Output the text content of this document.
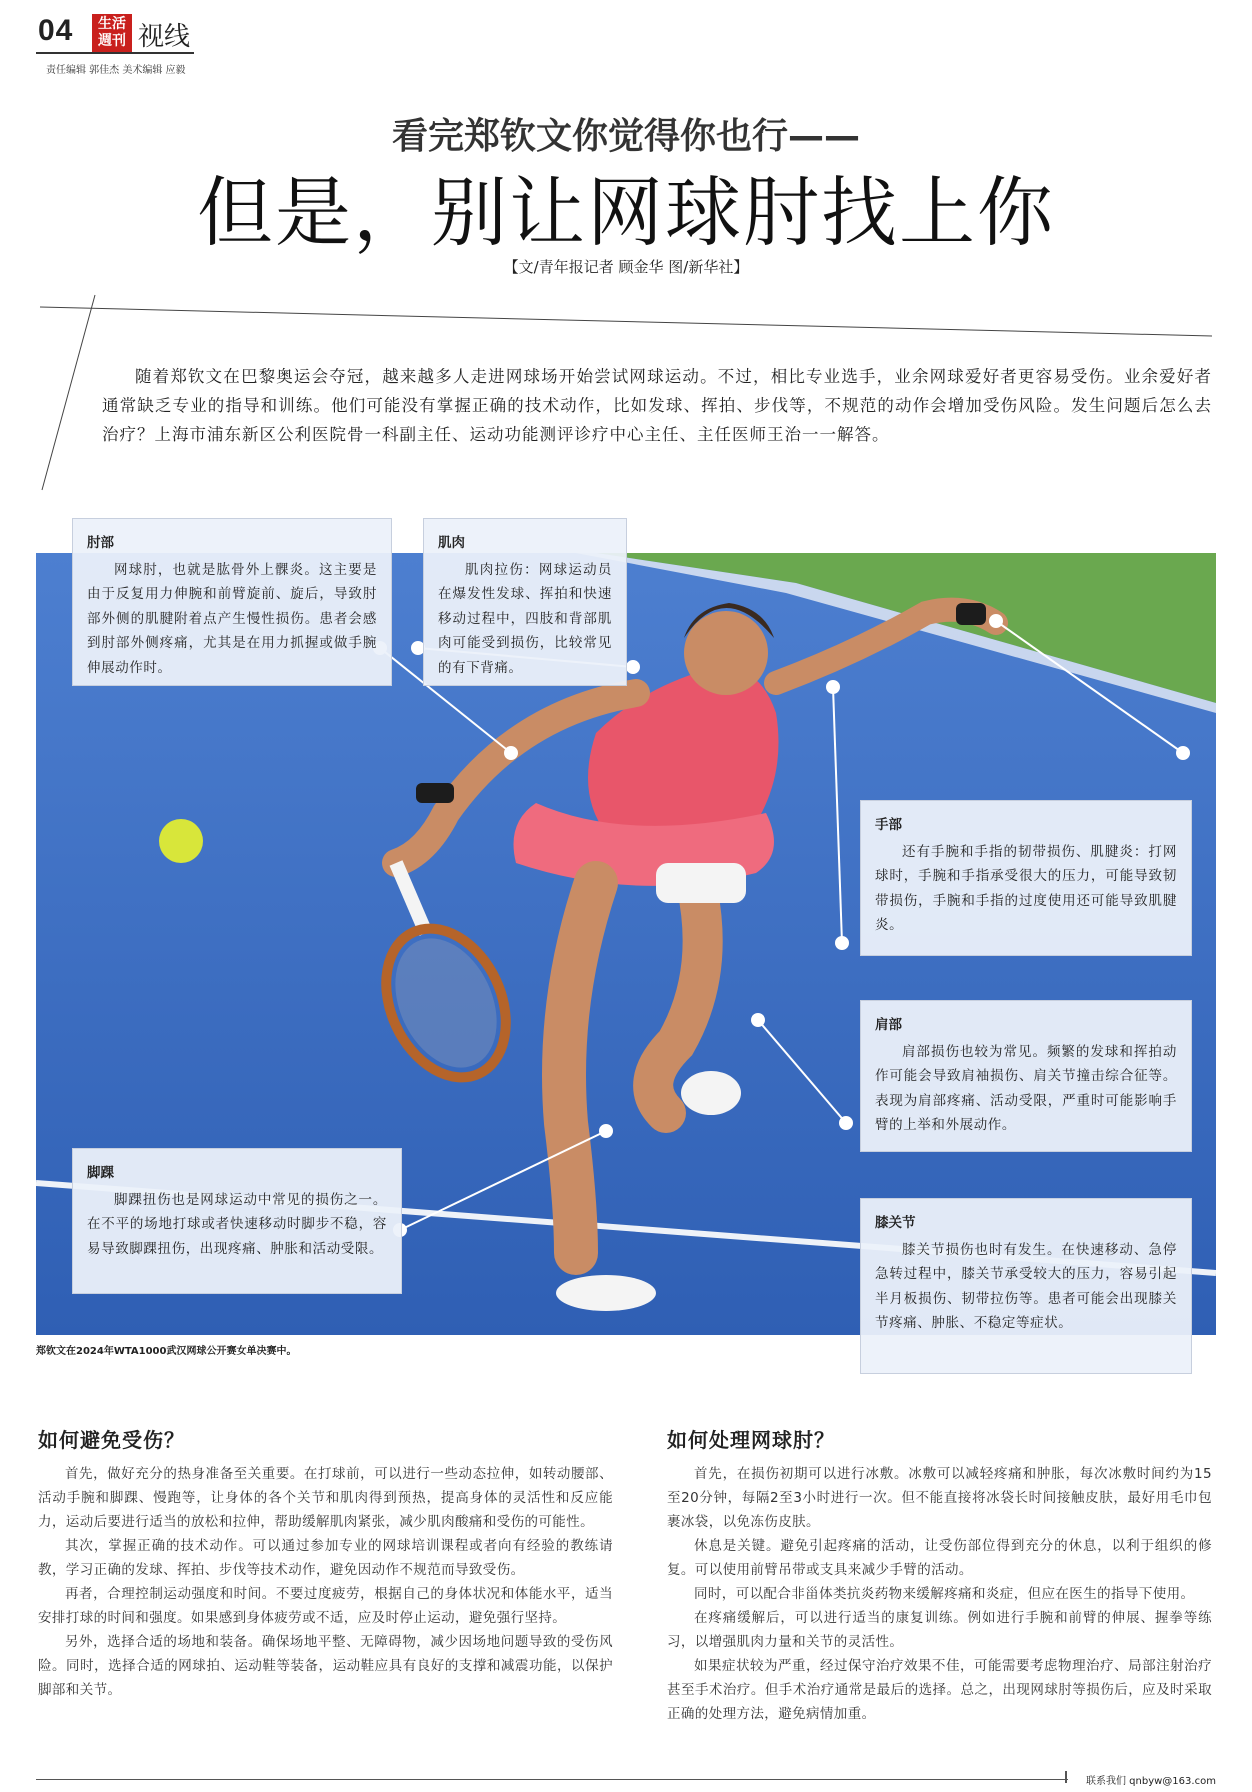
04	生活
週刊 视线
责任编辑 郭佳杰 美术编辑 应毅
看完郑钦文你觉得你也行——
但是，别让网球肘找上你
【文/青年报记者 顾金华 图/新华社】
随着郑钦文在巴黎奥运会夺冠，越来越多人走进网球场开始尝试网球运动。不过，相比专业选手，业余网球爱好者更容易受伤。业余爱好者通常缺乏专业的指导和训练。他们可能没有掌握正确的技术动作，比如发球、挥拍、步伐等，不规范的动作会增加受伤风险。发生问题后怎么去治疗？上海市浦东新区公利医院骨一科副主任、运动功能测评诊疗中心主任、主任医师王治一一解答。
郑钦文在2024年WTA1000武汉网球公开赛女单决赛中。
肘部
网球肘，也就是肱骨外上髁炎。这主要是由于反复用力伸腕和前臂旋前、旋后，导致肘部外侧的肌腱附着点产生慢性损伤。患者会感到肘部外侧疼痛，尤其是在用力抓握或做手腕伸展动作时。
肌肉
肌肉拉伤：网球运动员在爆发性发球、挥拍和快速移动过程中，四肢和背部肌肉可能受到损伤，比较常见的有下背痛。
手部
还有手腕和手指的韧带损伤、肌腱炎：打网球时，手腕和手指承受很大的压力，可能导致韧带损伤，手腕和手指的过度使用还可能导致肌腱炎。
肩部
肩部损伤也较为常见。频繁的发球和挥拍动作可能会导致肩袖损伤、肩关节撞击综合征等。表现为肩部疼痛、活动受限，严重时可能影响手臂的上举和外展动作。
脚踝
脚踝扭伤也是网球运动中常见的损伤之一。在不平的场地打球或者快速移动时脚步不稳，容易导致脚踝扭伤，出现疼痛、肿胀和活动受限。
膝关节
膝关节损伤也时有发生。在快速移动、急停急转过程中，膝关节承受较大的压力，容易引起半月板损伤、韧带拉伤等。患者可能会出现膝关节疼痛、肿胀、不稳定等症状。
如何避免受伤？

首先，做好充分的热身准备至关重要。在打球前，可以进行一些动态拉伸，如转动腰部、活动手腕和脚踝、慢跑等，让身体的各个关节和肌肉得到预热，提高身体的灵活性和反应能力，运动后要进行适当的放松和拉伸，帮助缓解肌肉紧张，减少肌肉酸痛和受伤的可能性。

其次，掌握正确的技术动作。可以通过参加专业的网球培训课程或者向有经验的教练请教，学习正确的发球、挥拍、步伐等技术动作，避免因动作不规范而导致受伤。

再者，合理控制运动强度和时间。不要过度疲劳，根据自己的身体状况和体能水平，适当安排打球的时间和强度。如果感到身体疲劳或不适，应及时停止运动，避免强行坚持。

另外，选择合适的场地和装备。确保场地平整、无障碍物，减少因场地问题导致的受伤风险。同时，选择合适的网球拍、运动鞋等装备，运动鞋应具有良好的支撑和减震功能，以保护脚部和关节。

如何处理网球肘？

首先，在损伤初期可以进行冰敷。冰敷可以减轻疼痛和肿胀，每次冰敷时间约为15至20分钟，每隔2至3小时进行一次。但不能直接将冰袋长时间接触皮肤，最好用毛巾包裹冰袋，以免冻伤皮肤。

休息是关键。避免引起疼痛的活动，让受伤部位得到充分的休息，以利于组织的修复。可以使用前臂吊带或支具来减少手臂的活动。

同时，可以配合非甾体类抗炎药物来缓解疼痛和炎症，但应在医生的指导下使用。

在疼痛缓解后，可以进行适当的康复训练。例如进行手腕和前臂的伸展、握拳等练习，以增强肌肉力量和关节的灵活性。

如果症状较为严重，经过保守治疗效果不佳，可能需要考虑物理治疗、局部注射治疗甚至手术治疗。但手术治疗通常是最后的选择。总之，出现网球肘等损伤后，应及时采取正确的处理方法，避免病情加重。

联系我们 qnbyw@163.com
